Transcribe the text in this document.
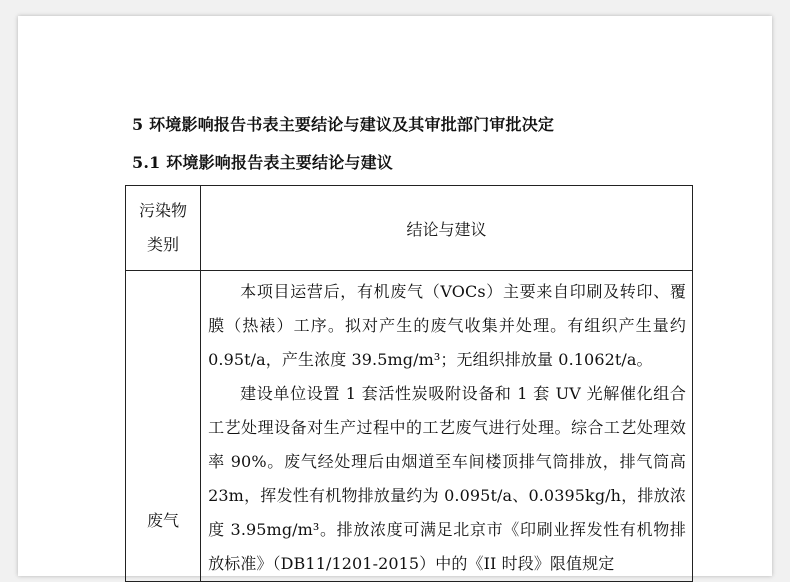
5 环境影响报告书表主要结论与建议及其审批部门审批决定
5.1 环境影响报告表主要结论与建议
污染物
类别	结论与建议

废气	本项目运营后，有机废气（VOCs）主要来自印刷及转印、覆膜（热裱）工序。拟对产生的废气收集并处理。有组织产生量约 0.95t/a，产生浓度 39.5mg/m³；无组织排放量 0.1062t/a。

建设单位设置 1 套活性炭吸附设备和 1 套 UV 光解催化组合工艺处理设备对生产过程中的工艺废气进行处理。综合工艺处理效率 90%。废气经处理后由烟道至车间楼顶排气筒排放，排气筒高 23m，挥发性有机物排放量约为 0.095t/a、0.0395kg/h，排放浓度 3.95mg/m³。排放浓度可满足北京市《印刷业挥发性有机物排放标准》（DB11/1201-2015）中的《II 时段》限值规定
